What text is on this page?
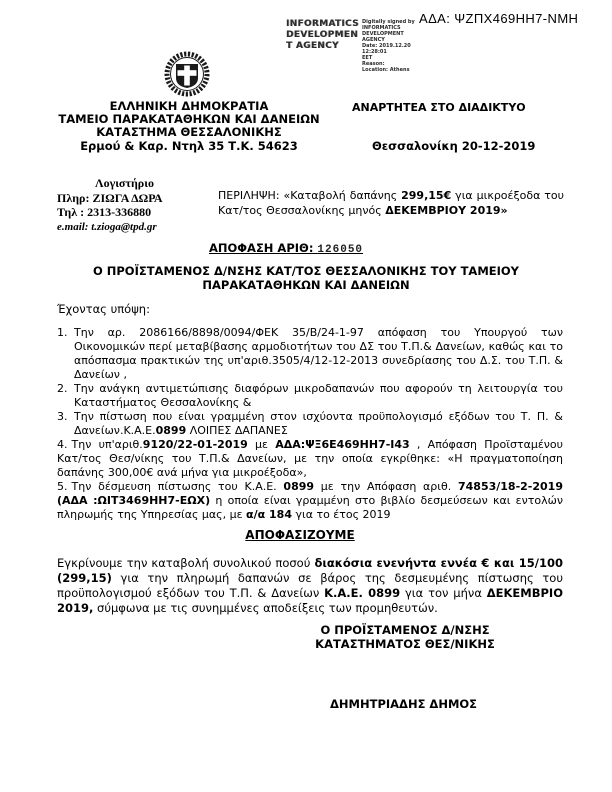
ΑΔΑ: ΨΖΠΧ469ΗΗ7-ΝΜΗ
INFORMATICS
DEVELOPMEN
T AGENCY
Digitally signed by
INFORMATICS
DEVELOPMENT AGENCY
Date: 2019.12.20 12:28:01
EET
Reason:
Location: Athens
ΕΛΛΗΝΙΚΗ ΔΗΜΟΚΡΑΤΙΑ
ΤΑΜΕΙΟ ΠΑΡΑΚΑΤΑΘΗΚΩΝ ΚΑΙ ΔΑΝΕΙΩΝ
ΚΑΤΑΣΤΗΜΑ ΘΕΣΣΑΛΟΝΙΚΗΣ
Ερμού & Καρ. Ντηλ 35 Τ.Κ. 54623
ΑΝΑΡΤΗΤΕΑ ΣΤΟ ΔΙΑΔΙΚΤΥΟ
Θεσσαλονίκη 20-12-2019
Λογιστήριο
Πληρ: ΖΙΩΓΑ ΔΩΡΑ
Τηλ : 2313-336880
e.mail: t.zioga@tpd.gr

ΠΕΡΙΛΗΨΗ: «Καταβολή δαπάνης 299,15€ για μικροέξοδα του Κατ/τος Θεσσαλονίκης μηνός ΔΕΚΕΜΒΡΙΟΥ 2019»

ΑΠΟΦΑΣΗ ΑΡΙΘ: 126050
Ο ΠΡΟΪΣΤΑΜΕΝΟΣ Δ/ΝΣΗΣ ΚΑΤ/ΤΟΣ ΘΕΣΣΑΛΟΝΙΚΗΣ ΤΟΥ ΤΑΜΕΙΟΥ ΠΑΡΑΚΑΤΑΘΗΚΩΝ ΚΑΙ ΔΑΝΕΙΩΝ
Έχοντας υπόψη:
1. Την αρ. 2086166/8898/0094/ΦΕΚ 35/Β/24-1-97 απόφαση του Υπουργού των Οικονομικών περί μεταβίβασης αρμοδιοτήτων του ΔΣ του Τ.Π.& Δανείων, καθώς και το απόσπασμα πρακτικών της υπ'αριθ.3505/4/12-12-2013 συνεδρίασης του Δ.Σ. του Τ.Π. & Δανείων ,
2. Την ανάγκη αντιμετώπισης διαφόρων μικροδαπανών που αφορούν τη λειτουργία του Καταστήματος Θεσσαλονίκης &
3. Την πίστωση που είναι γραμμένη στον ισχύοντα προϋπολογισμό εξόδων του Τ. Π. & Δανείων.Κ.Α.Ε.0899 ΛΟΙΠΕΣ ΔΑΠΑΝΕΣ

4. Την υπ'αριθ.9120/22-01-2019 με ΑΔΑ:ΨΞ6Ε469ΗΗ7-Ι43 , Απόφαση Προϊσταμένου Κατ/τος Θεσ/νίκης του Τ.Π.& Δανείων, με την οποία εγκρίθηκε: «Η πραγματοποίηση δαπάνης 300,00€ ανά μήνα για μικροέξοδα»,

5. Την δέσμευση πίστωσης του Κ.Α.Ε. 0899 με την Απόφαση αριθ. 74853/18-2-2019 (ΑΔΑ :ΩΙΤ3469ΗΗ7-ΕΩΧ) η οποία είναι γραμμένη στο βιβλίο δεσμεύσεων και εντολών πληρωμής της Υπηρεσίας μας, με α/α 184 για το έτος 2019

ΑΠΟΦΑΣΙΖΟΥΜΕ

Εγκρίνουμε την καταβολή συνολικού ποσού διακόσια ενενήντα εννέα € και 15/100 (299,15) για την πληρωμή δαπανών σε βάρος της δεσμευμένης πίστωσης του προϋπολογισμού εξόδων του Τ.Π. & Δανείων Κ.Α.Ε. 0899 για τον μήνα ΔΕΚΕΜΒΡΙΟ 2019, σύμφωνα με τις συνημμένες αποδείξεις των προμηθευτών.

Ο ΠΡΟΪΣΤΑΜΕΝΟΣ Δ/ΝΣΗΣ
ΚΑΤΑΣΤΗΜΑΤΟΣ ΘΕΣ/ΝΙΚΗΣ
ΔΗΜΗΤΡΙΑΔΗΣ ΔΗΜΟΣ
